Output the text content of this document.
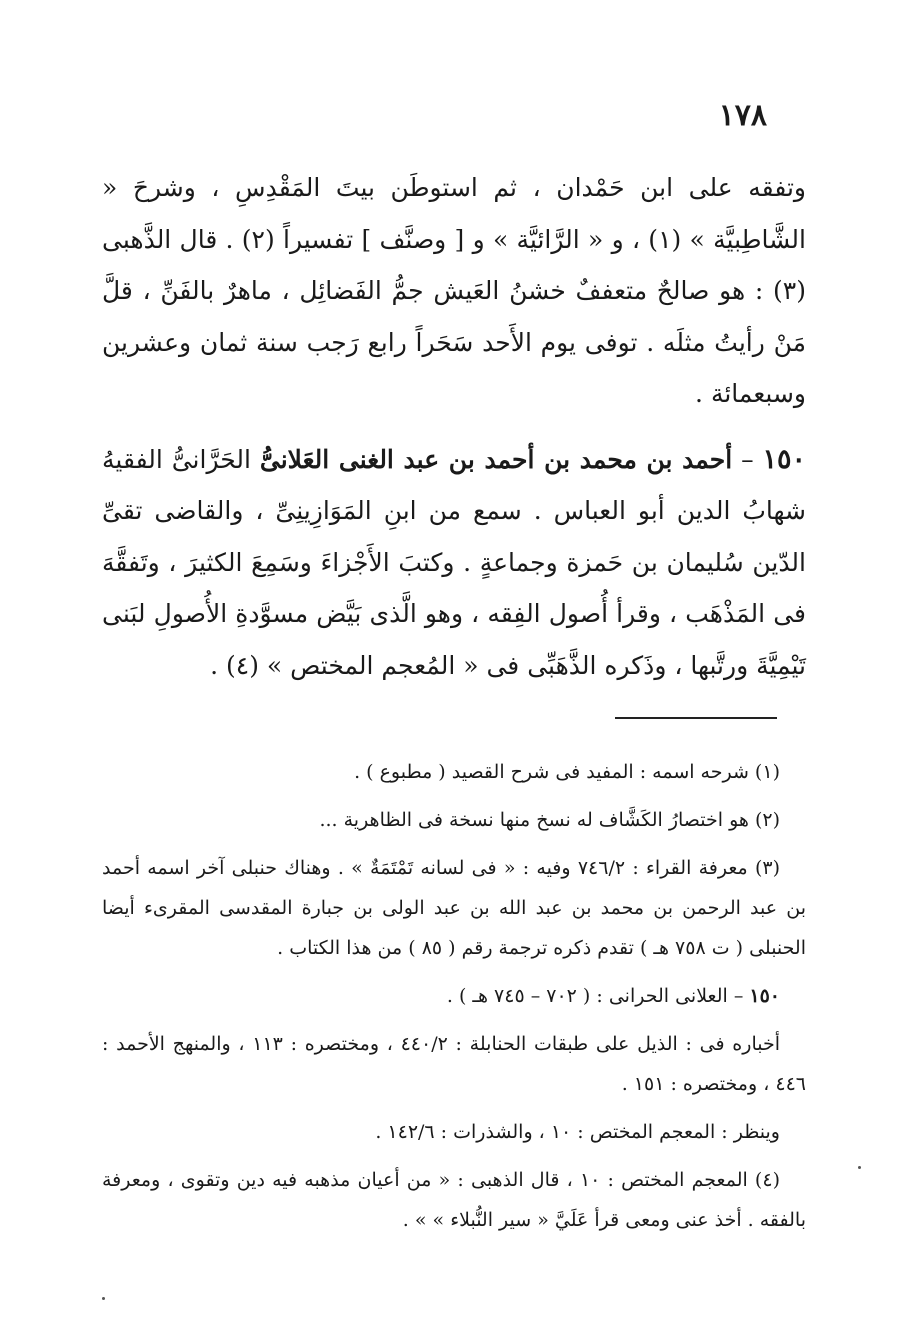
١٧٨

وتفقه على ابن حَمْدان ، ثم استوطَن بيتَ المَقْدِسِ ، وشرحَ « الشَّاطِبيَّة » (١) ، و « الرَّائيَّة » و [ وصنَّف ] تفسيراً (٢) . قال الذَّهبى (٣) : هو صالحٌ متعففٌ خشنُ العَيش جمُّ الفَضائِل ، ماهرٌ بالفَنِّ ، قلَّ مَنْ رأيتُ مثلَه . توفى يوم الأَحد سَحَراً رابع رَجب سنة ثمان وعشرين وسبعمائة .

١٥٠ – أحمد بن محمد بن أحمد بن عبد الغنى العَلانىُّ الحَرَّانىُّ الفقيهُ شهابُ الدين أبو العباس . سمع من ابنِ المَوَازِينِىِّ ، والقاضى تقىِّ الدّين سُليمان بن حَمزة وجماعةٍ . وكتبَ الأَجْزاءَ وسَمِعَ الكثيرَ ، وتَفقَّهَ فى المَذْهَب ، وقرأ أُصول الفِقه ، وهو الَّذى بَيَّض مسوَّدةِ الأُصولِ لبَنى تَيْمِيَّةَ ورتَّبها ، وذَكره الذَّهَبِّى فى « المُعجم المختص » (٤) .

(١) شرحه اسمه : المفيد فى شرح القصيد ( مطبوع ) .

(٢) هو اختصارُ الكَشَّاف له نسخ منها نسخة فى الظاهرية ...

(٣) معرفة القراء : ٧٤٦/٢ وفيه : « فى لسانه تَمْتَمَةٌ » . وهناك حنبلى آخر اسمه أحمد بن عبد الرحمن بن محمد بن عبد الله بن عبد الولى بن جبارة المقدسى المقرىء أيضا الحنبلى ( ت ٧٥٨ هـ ) تقدم ذكره ترجمة رقم ( ٨٥ ) من هذا الكتاب .

١٥٠ – العلانى الحرانى : ( ٧٠٢ – ٧٤٥ هـ ) .

أخباره فى : الذيل على طبقات الحنابلة : ٤٤٠/٢ ، ومختصره : ١١٣ ، والمنهج الأحمد : ٤٤٦ ، ومختصره : ١٥١ .

وينظر : المعجم المختص : ١٠ ، والشذرات : ١٤٢/٦ .

(٤) المعجم المختص : ١٠ ، قال الذهبى : « من أعيان مذهبه فيه دين وتقوى ، ومعرفة بالفقه . أخذ عنى ومعى قرأ عَلَيَّ « سير النُّبلاء » » .
